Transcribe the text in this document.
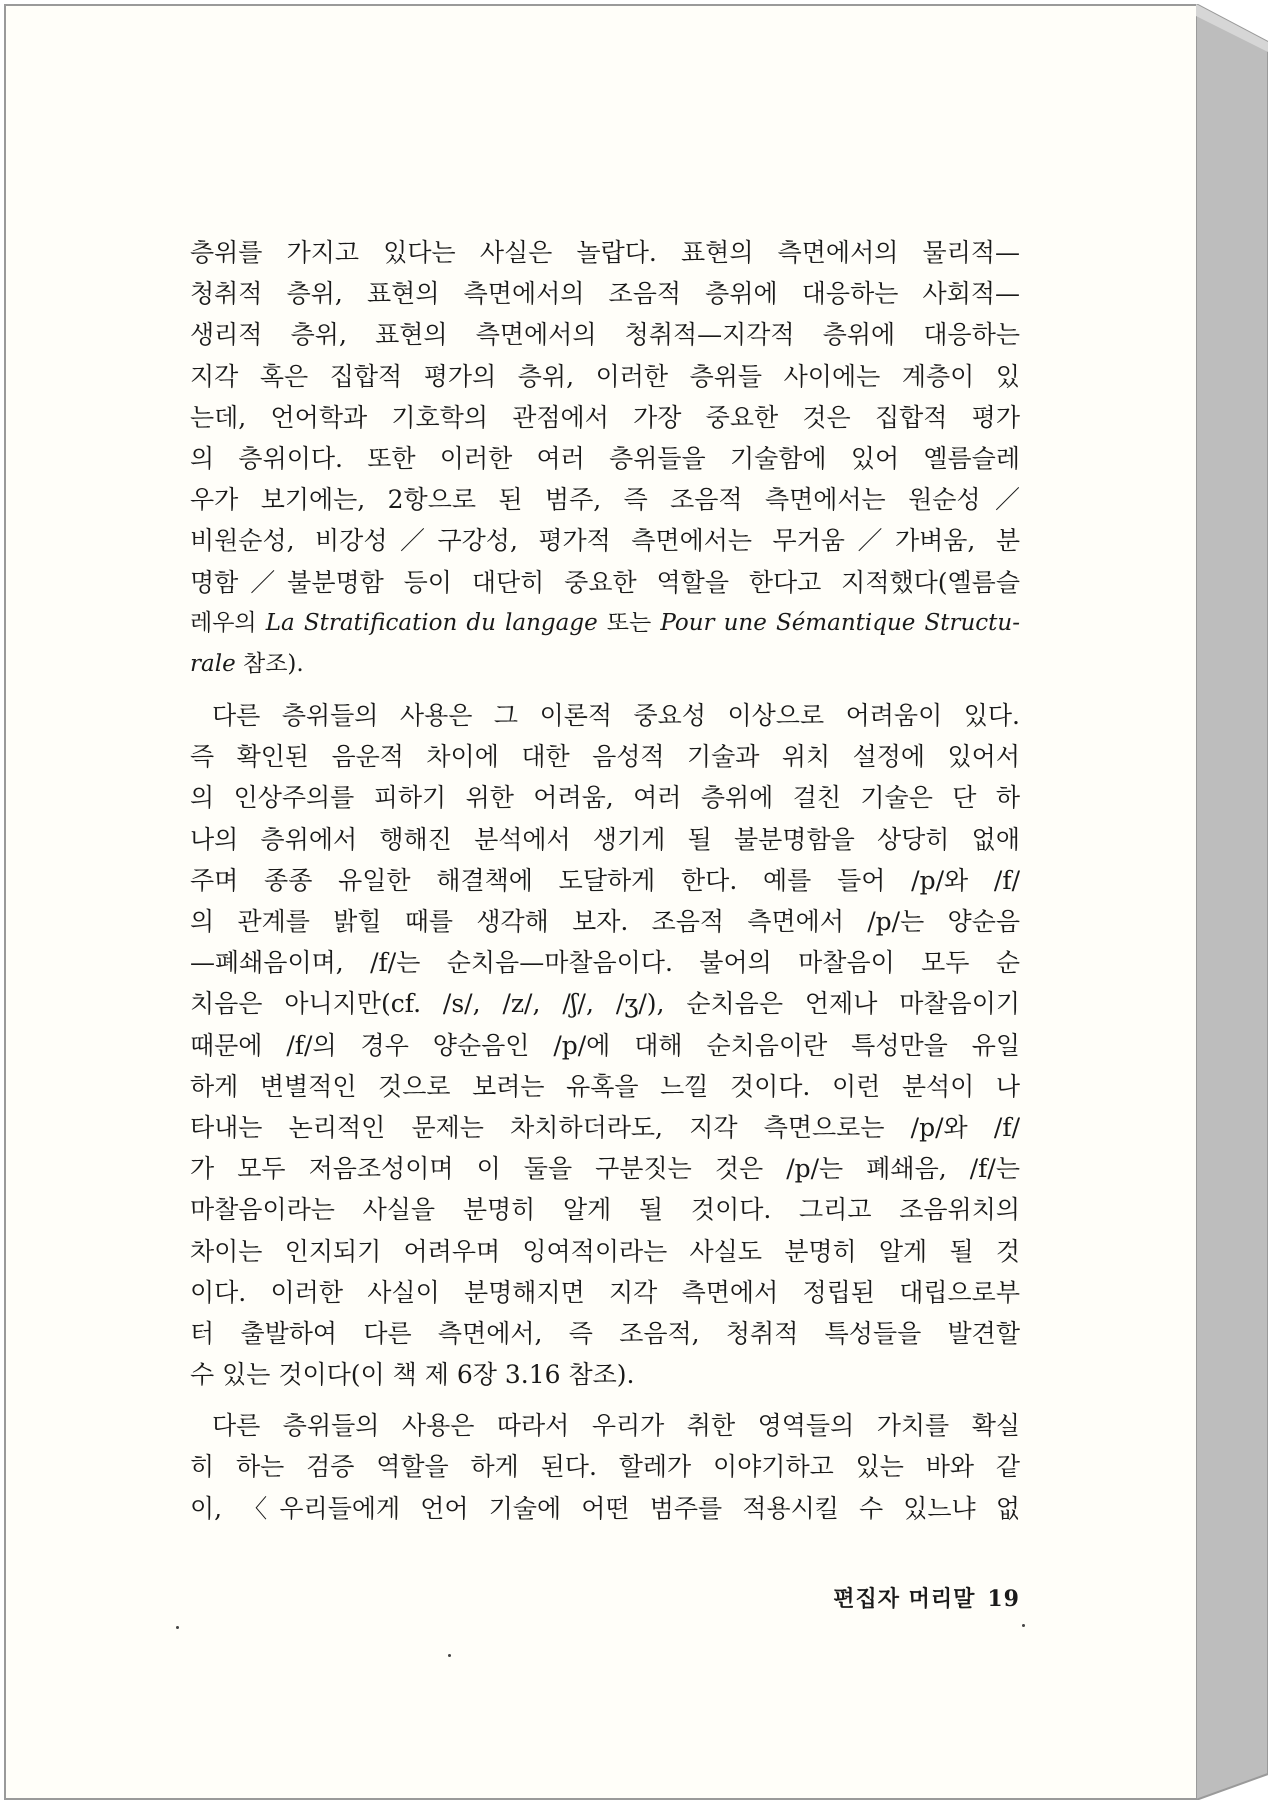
층위를 가지고 있다는 사실은 놀랍다. 표현의 측면에서의 물리적—
청취적 층위, 표현의 측면에서의 조음적 층위에 대응하는 사회적—
생리적 층위, 표현의 측면에서의 청취적—지각적 층위에 대응하는
지각 혹은 집합적 평가의 층위, 이러한 층위들 사이에는 계층이 있
는데, 언어학과 기호학의 관점에서 가장 중요한 것은 집합적 평가
의 층위이다. 또한 이러한 여러 층위들을 기술함에 있어 옐름슬레
우가 보기에는, 2항으로 된 범주, 즉 조음적 측면에서는 원순성／
비원순성, 비강성／구강성, 평가적 측면에서는 무거움／가벼움, 분
명함／불분명함 등이 대단히 중요한 역할을 한다고 지적했다(옐름슬
레우의 La Stratification du langage 또는 Pour une Sémantique Structu-
rale 참조).
다른 층위들의 사용은 그 이론적 중요성 이상으로 어려움이 있다.
즉 확인된 음운적 차이에 대한 음성적 기술과 위치 설정에 있어서
의 인상주의를 피하기 위한 어려움, 여러 층위에 걸친 기술은 단 하
나의 층위에서 행해진 분석에서 생기게 될 불분명함을 상당히 없애
주며 종종 유일한 해결책에 도달하게 한다. 예를 들어 /p/와 /f/
의 관계를 밝힐 때를 생각해 보자. 조음적 측면에서 /p/는 양순음
—폐쇄음이며, /f/는 순치음—마찰음이다. 불어의 마찰음이 모두 순
치음은 아니지만(cf. /s/, /z/, /ʃ/, /ʒ/), 순치음은 언제나 마찰음이기
때문에 /f/의 경우 양순음인 /p/에 대해 순치음이란 특성만을 유일
하게 변별적인 것으로 보려는 유혹을 느낄 것이다. 이런 분석이 나
타내는 논리적인 문제는 차치하더라도, 지각 측면으로는 /p/와 /f/
가 모두 저음조성이며 이 둘을 구분짓는 것은 /p/는 폐쇄음, /f/는
마찰음이라는 사실을 분명히 알게 될 것이다. 그리고 조음위치의
차이는 인지되기 어려우며 잉여적이라는 사실도 분명히 알게 될 것
이다. 이러한 사실이 분명해지면 지각 측면에서 정립된 대립으로부
터 출발하여 다른 측면에서, 즉 조음적, 청취적 특성들을 발견할
수 있는 것이다(이 책 제 6장 3.16 참조).
다른 층위들의 사용은 따라서 우리가 취한 영역들의 가치를 확실
히 하는 검증 역할을 하게 된다. 할레가 이야기하고 있는 바와 같
이, 〈우리들에게 언어 기술에 어떤 범주를 적용시킬 수 있느냐 없
편집자 머리말 19
